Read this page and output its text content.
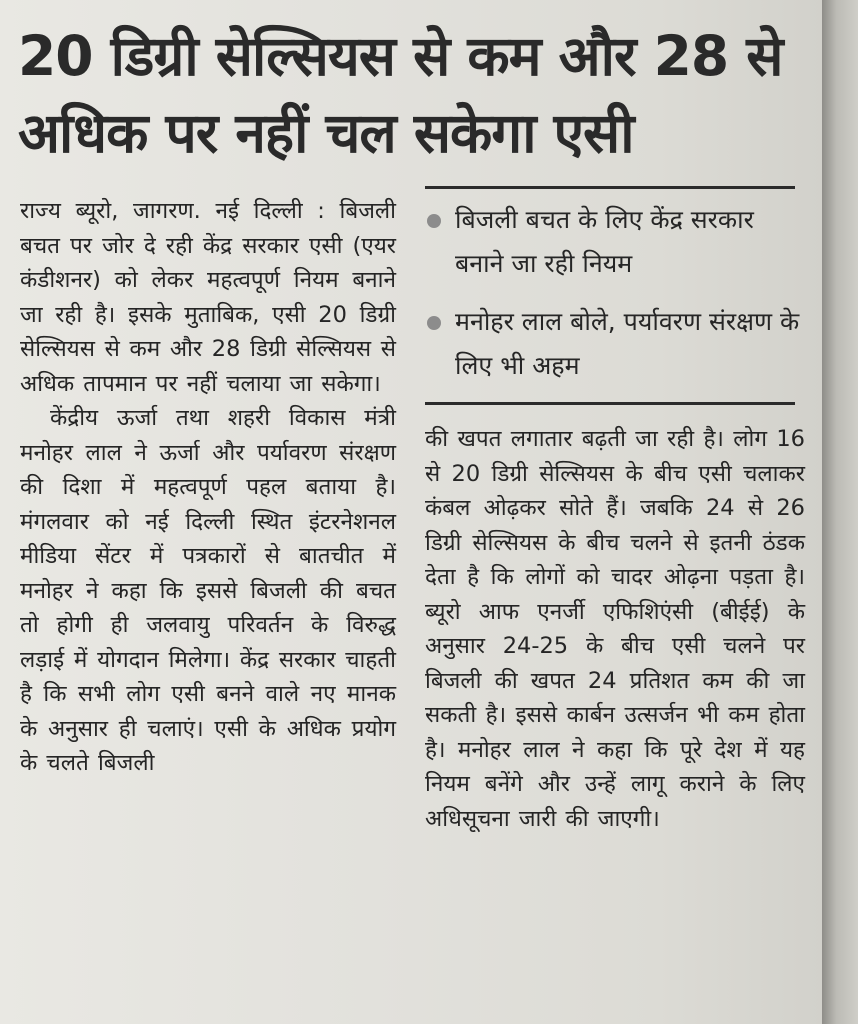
20 डिग्री सेल्सियस से कम और 28 से अधिक पर नहीं चल सकेगा एसी

राज्य ब्यूरो, जागरण. नई दिल्ली : बिजली बचत पर जोर दे रही केंद्र सरकार एसी (एयर कंडीशनर) को लेकर महत्वपूर्ण नियम बनाने जा रही है। इसके मुताबिक, एसी 20 डिग्री सेल्सियस से कम और 28 डिग्री सेल्सियस से अधिक तापमान पर नहीं चलाया जा सकेगा।

केंद्रीय ऊर्जा तथा शहरी विकास मंत्री मनोहर लाल ने ऊर्जा और पर्यावरण संरक्षण की दिशा में महत्वपूर्ण पहल बताया है। मंगलवार को नई दिल्ली स्थित इंटरनेशनल मीडिया सेंटर में पत्रकारों से बातचीत में मनोहर ने कहा कि इससे बिजली की बचत तो होगी ही जलवायु परिवर्तन के विरुद्ध लड़ाई में योगदान मिलेगा। केंद्र सरकार चाहती है कि सभी लोग एसी बनने वाले नए मानक के अनुसार ही चलाएं। एसी के अधिक प्रयोग के चलते बिजली

बिजली बचत के लिए केंद्र सरकार बनाने जा रही नियम
मनोहर लाल बोले, पर्यावरण संरक्षण के लिए भी अहम

की खपत लगातार बढ़ती जा रही है। लोग 16 से 20 डिग्री सेल्सियस के बीच एसी चलाकर कंबल ओढ़कर सोते हैं। जबकि 24 से 26 डिग्री सेल्सियस के बीच चलने से इतनी ठंडक देता है कि लोगों को चादर ओढ़ना पड़ता है। ब्यूरो आफ एनर्जी एफिशिएंसी (बीईई) के अनुसार 24-25 के बीच एसी चलने पर बिजली की खपत 24 प्रतिशत कम की जा सकती है। इससे कार्बन उत्सर्जन भी कम होता है। मनोहर लाल ने कहा कि पूरे देश में यह नियम बनेंगे और उन्हें लागू कराने के लिए अधिसूचना जारी की जाएगी।
